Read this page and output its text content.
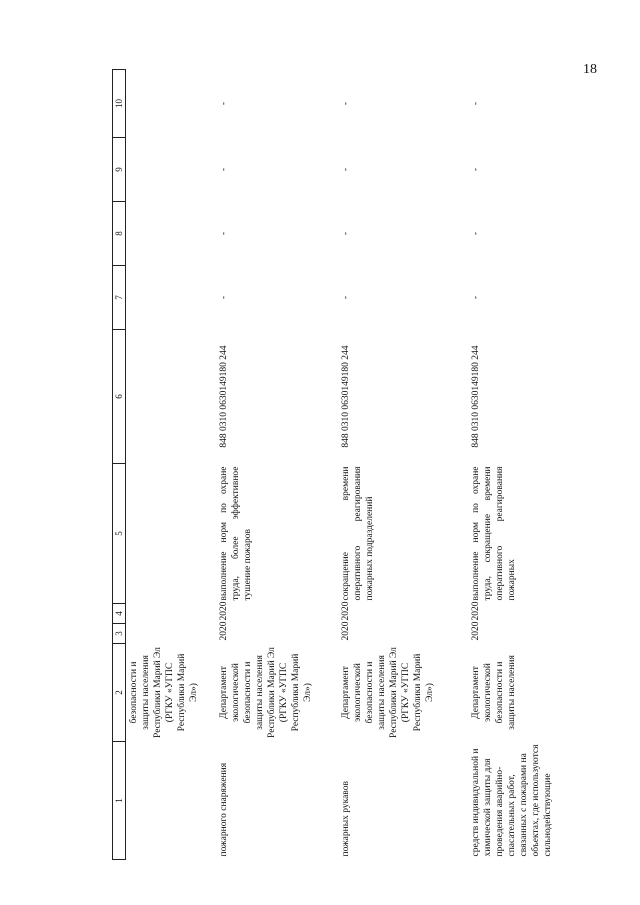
18
1	2	3	4	5	6	7	8	9	10
	безопасности и защиты населения Республики Марий Эл (РГКУ «УГПС Республики Марий Эл»)								
пожарного снаряжения	Департамент экологической безопасности и защиты населения Республики Марий Эл (РГКУ «УГПС Республики Марий Эл»)	2020	2020	выполнение норм по охране труда, более эффективное тушение пожаров	848 0310 0630149180 244	-	-	-	-
пожарных рукавов	Департамент экологической безопасности и защиты населения Республики Марий Эл (РГКУ «УГПС Республики Марий Эл»)	2020	2020	сокращение времени оперативного реагирования пожарных подразделений	848 0310 0630149180 244	-	-	-	-
средств индивидуальной и химической защиты для проведения аварийно-спасательных работ, связанных с пожарами на объектах, где используются сильнодействующие	Департамент экологической безопасности и защиты населения	2020	2020	выполнение норм по охране труда, сокращение времени оперативного реагирования пожарных	848 0310 0630149180 244	-	-	-	-
